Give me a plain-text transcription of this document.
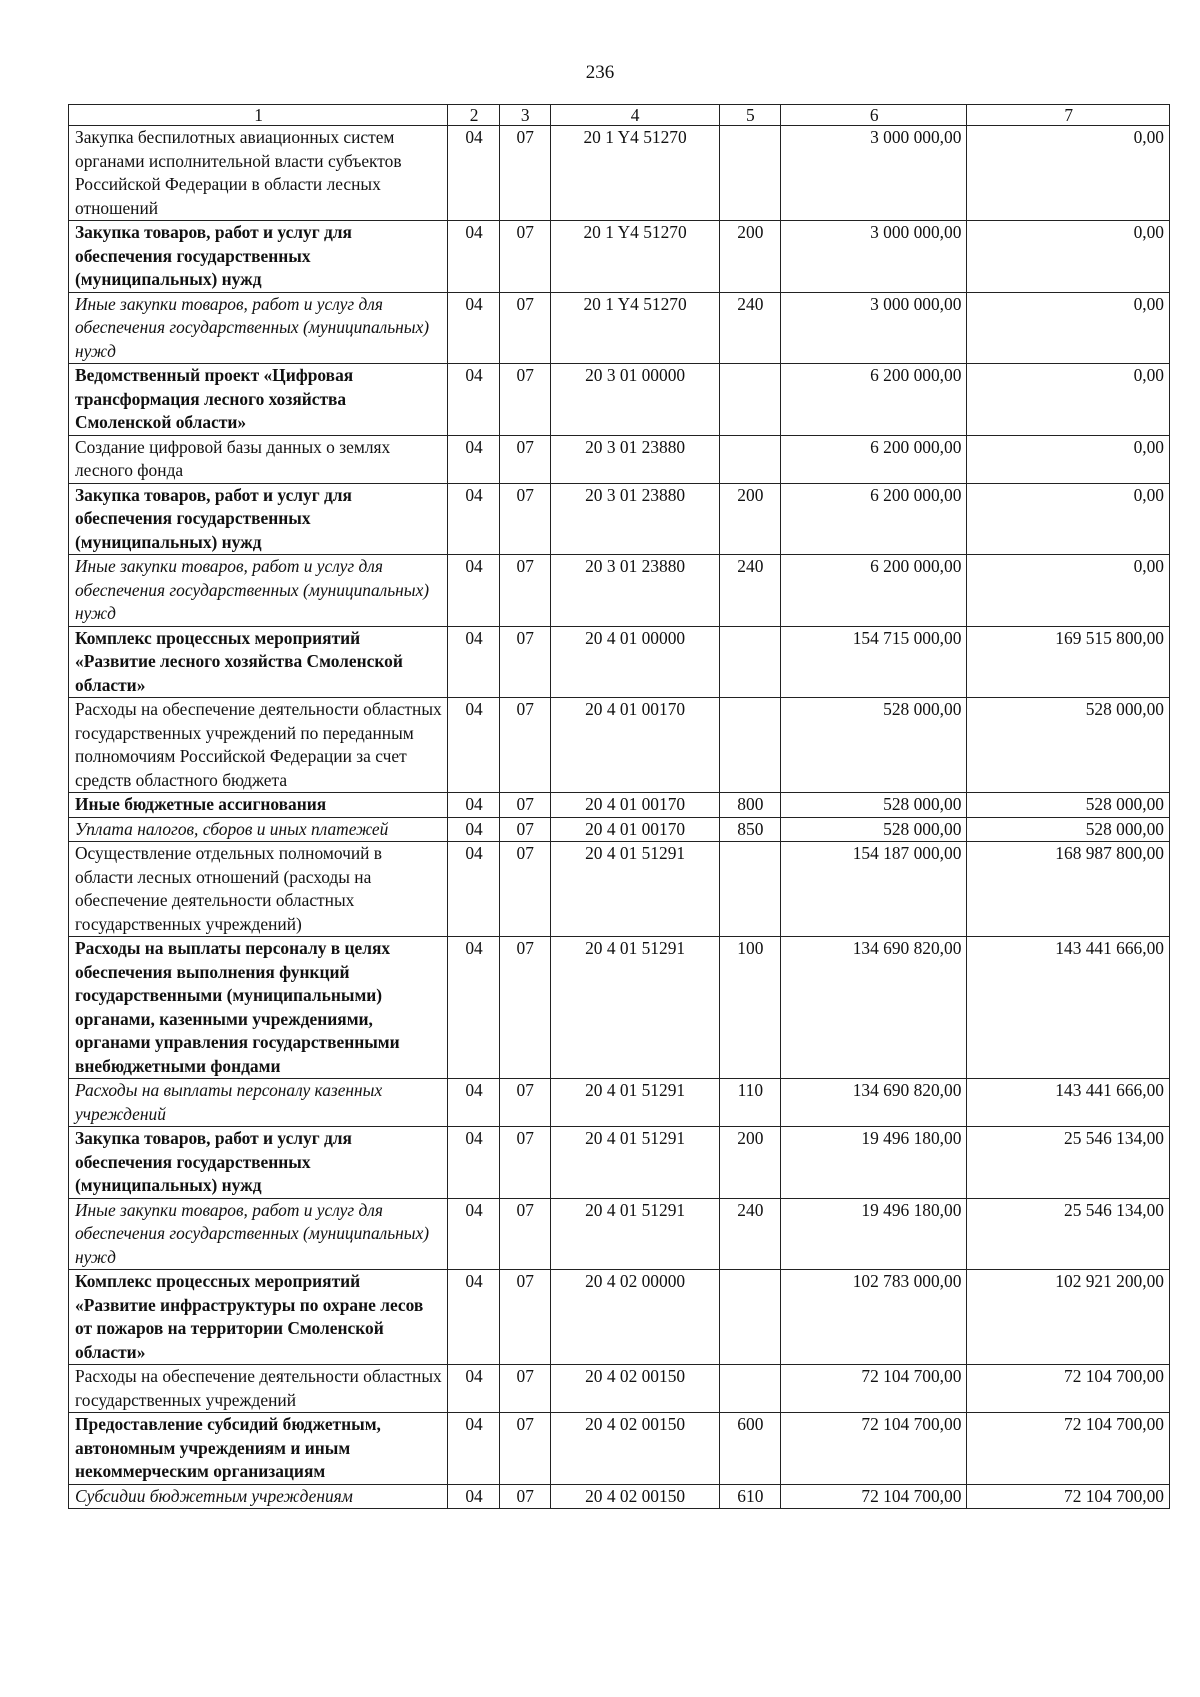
236
1	2	3	4	5	6	7
Закупка беспилотных авиационных систем органами исполнительной власти субъектов Российской Федерации в области лесных отношений	04	07	20 1 Y4 51270		3 000 000,00	0,00
Закупка товаров, работ и услуг для обеспечения государственных (муниципальных) нужд	04	07	20 1 Y4 51270	200	3 000 000,00	0,00
Иные закупки товаров, работ и услуг для обеспечения государственных (муниципальных) нужд	04	07	20 1 Y4 51270	240	3 000 000,00	0,00
Ведомственный проект «Цифровая трансформация лесного хозяйства Смоленской области»	04	07	20 3 01 00000		6 200 000,00	0,00
Создание цифровой базы данных о землях лесного фонда	04	07	20 3 01 23880		6 200 000,00	0,00
Закупка товаров, работ и услуг для обеспечения государственных (муниципальных) нужд	04	07	20 3 01 23880	200	6 200 000,00	0,00
Иные закупки товаров, работ и услуг для обеспечения государственных (муниципальных) нужд	04	07	20 3 01 23880	240	6 200 000,00	0,00
Комплекс процессных мероприятий «Развитие лесного хозяйства Смоленской области»	04	07	20 4 01 00000		154 715 000,00	169 515 800,00
Расходы на обеспечение деятельности областных государственных учреждений по переданным полномочиям Российской Федерации за счет средств областного бюджета	04	07	20 4 01 00170		528 000,00	528 000,00
Иные бюджетные ассигнования	04	07	20 4 01 00170	800	528 000,00	528 000,00
Уплата налогов, сборов и иных платежей	04	07	20 4 01 00170	850	528 000,00	528 000,00
Осуществление отдельных полномочий в области лесных отношений (расходы на обеспечение деятельности областных государственных учреждений)	04	07	20 4 01 51291		154 187 000,00	168 987 800,00
Расходы на выплаты персоналу в целях обеспечения выполнения функций государственными (муниципальными) органами, казенными учреждениями, органами управления государственными внебюджетными фондами	04	07	20 4 01 51291	100	134 690 820,00	143 441 666,00
Расходы на выплаты персоналу казенных учреждений	04	07	20 4 01 51291	110	134 690 820,00	143 441 666,00
Закупка товаров, работ и услуг для обеспечения государственных (муниципальных) нужд	04	07	20 4 01 51291	200	19 496 180,00	25 546 134,00
Иные закупки товаров, работ и услуг для обеспечения государственных (муниципальных) нужд	04	07	20 4 01 51291	240	19 496 180,00	25 546 134,00
Комплекс процессных мероприятий «Развитие инфраструктуры по охране лесов от пожаров на территории Смоленской области»	04	07	20 4 02 00000		102 783 000,00	102 921 200,00
Расходы на обеспечение деятельности областных государственных учреждений	04	07	20 4 02 00150		72 104 700,00	72 104 700,00
Предоставление субсидий бюджетным, автономным учреждениям и иным некоммерческим организациям	04	07	20 4 02 00150	600	72 104 700,00	72 104 700,00
Субсидии бюджетным учреждениям	04	07	20 4 02 00150	610	72 104 700,00	72 104 700,00
